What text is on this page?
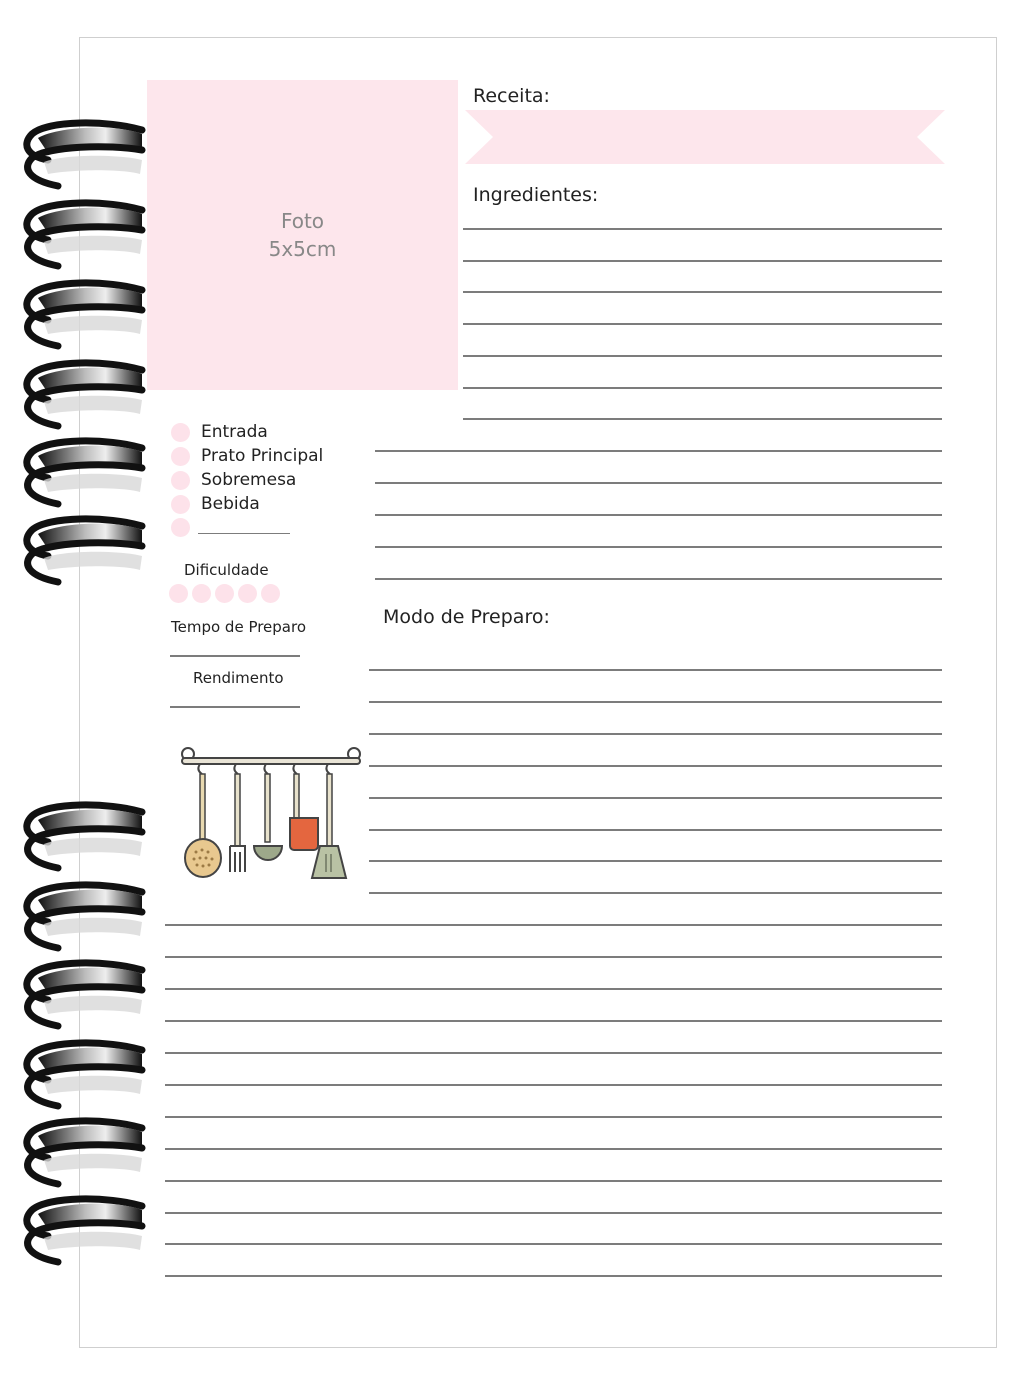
Foto
5x5cm
Receita:
Ingredientes:
Entrada
Prato Principal
Sobremesa
Bebida
Dificuldade
Tempo de Preparo
Rendimento
Modo de Preparo:
